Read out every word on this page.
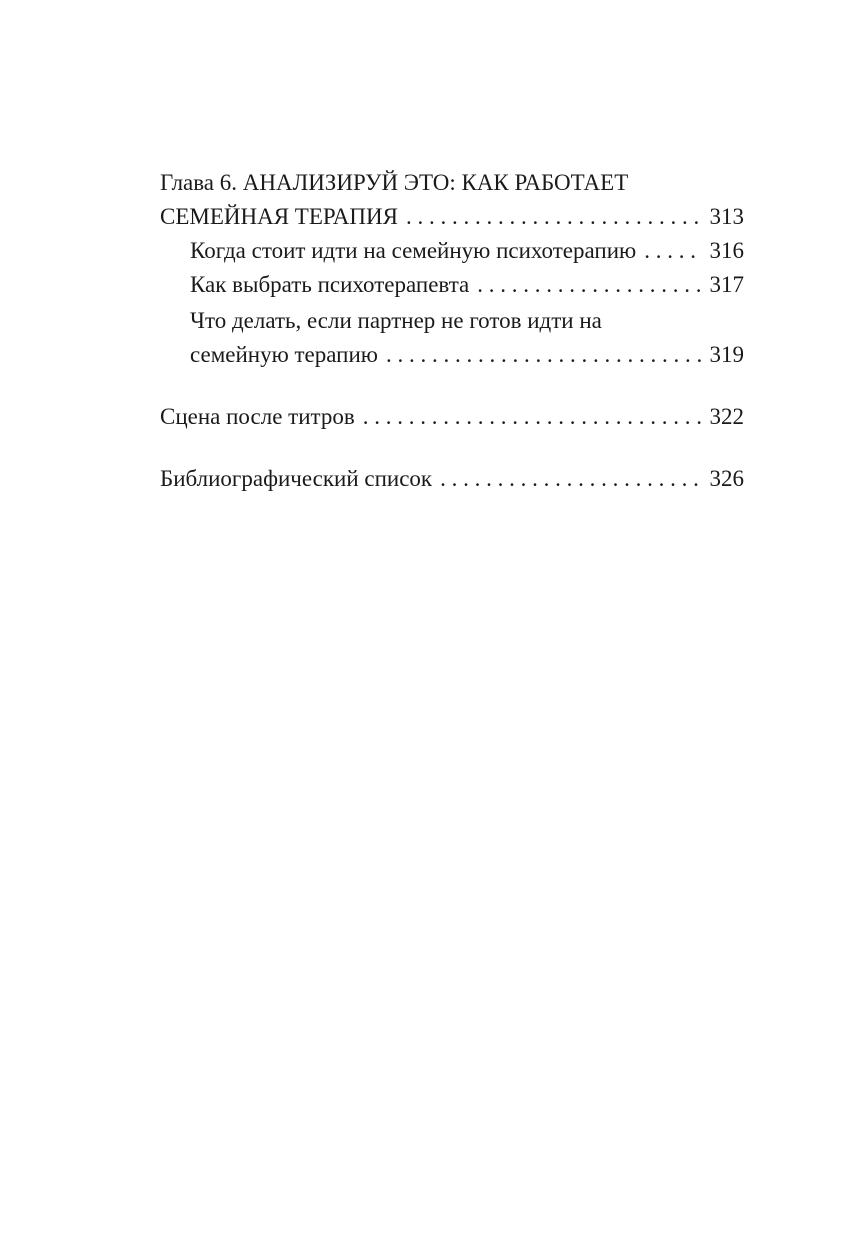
Глава 6. АНАЛИЗИРУЙ ЭТО: КАК РАБОТАЕТ
СЕМЕЙНАЯ ТЕРАПИЯ . . .	313
Когда стоит идти на семейную психотерапию . . .	316
Как выбрать психотерапевта . . .	317
Что делать, если партнер не готов идти на
семейную терапию . . .	319
Сцена после титров . . .	322
Библиографический список . . .	326
